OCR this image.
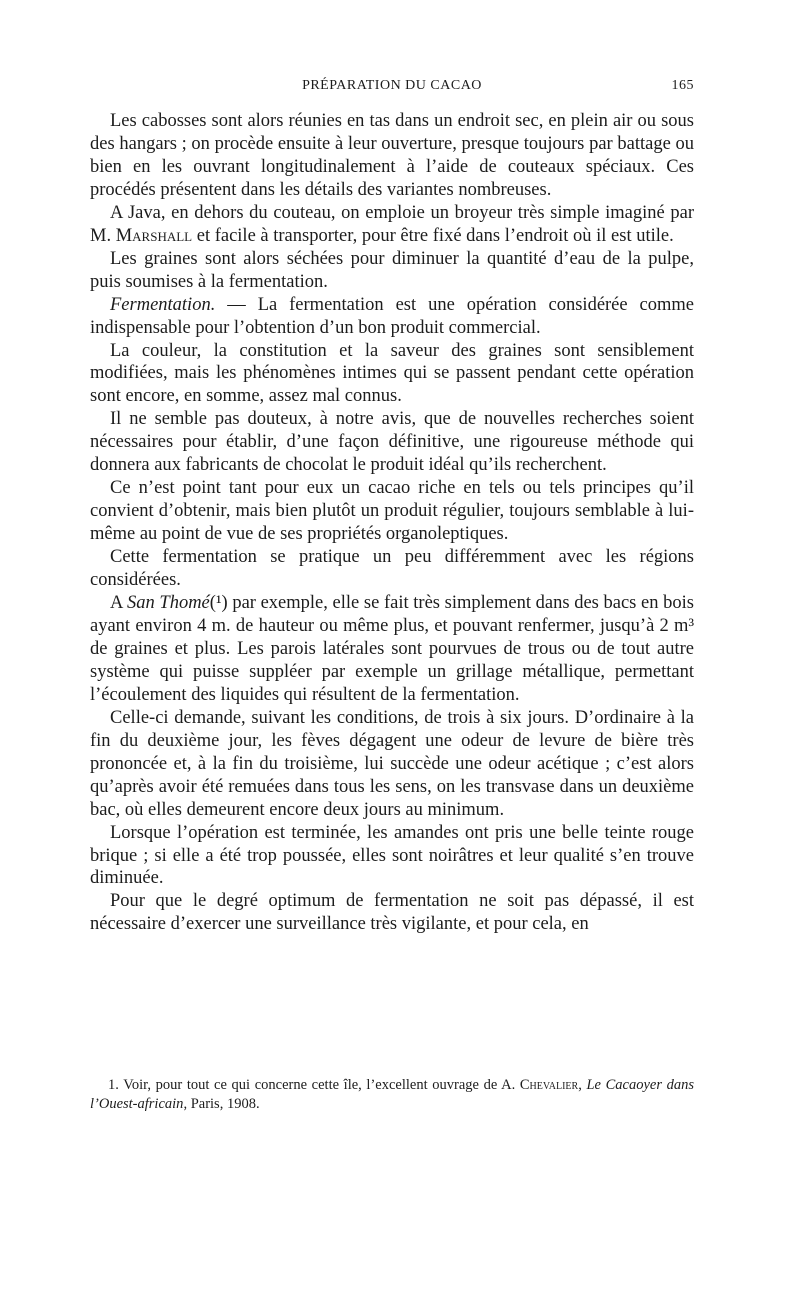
PRÉPARATION DU CACAO	165

Les cabosses sont alors réunies en tas dans un endroit sec, en plein air ou sous des hangars ; on procède ensuite à leur ouverture, presque toujours par battage ou bien en les ouvrant longitudinalement à l’aide de couteaux spéciaux. Ces procédés présentent dans les détails des variantes nombreuses.

A Java, en dehors du couteau, on emploie un broyeur très simple imaginé par M. Marshall et facile à transporter, pour être fixé dans l’endroit où il est utile.

Les graines sont alors séchées pour diminuer la quantité d’eau de la pulpe, puis soumises à la fermentation.

Fermentation. — La fermentation est une opération considérée comme indispensable pour l’obtention d’un bon produit commercial.

La couleur, la constitution et la saveur des graines sont sensiblement modifiées, mais les phénomènes intimes qui se passent pendant cette opération sont encore, en somme, assez mal connus.

Il ne semble pas douteux, à notre avis, que de nouvelles recherches soient nécessaires pour établir, d’une façon définitive, une rigoureuse méthode qui donnera aux fabricants de chocolat le produit idéal qu’ils recherchent.

Ce n’est point tant pour eux un cacao riche en tels ou tels principes qu’il convient d’obtenir, mais bien plutôt un produit régulier, toujours semblable à lui-même au point de vue de ses propriétés organoleptiques.

Cette fermentation se pratique un peu différemment avec les régions considérées.

A San Thomé(¹) par exemple, elle se fait très simplement dans des bacs en bois ayant environ 4 m. de hauteur ou même plus, et pouvant renfermer, jusqu’à 2 m³ de graines et plus. Les parois latérales sont pourvues de trous ou de tout autre système qui puisse suppléer par exemple un grillage métallique, permettant l’écoulement des liquides qui résultent de la fermentation.

Celle-ci demande, suivant les conditions, de trois à six jours. D’ordinaire à la fin du deuxième jour, les fèves dégagent une odeur de levure de bière très prononcée et, à la fin du troisième, lui succède une odeur acétique ; c’est alors qu’après avoir été remuées dans tous les sens, on les transvase dans un deuxième bac, où elles demeurent encore deux jours au minimum.

Lorsque l’opération est terminée, les amandes ont pris une belle teinte rouge brique ; si elle a été trop poussée, elles sont noirâtres et leur qualité s’en trouve diminuée.

Pour que le degré optimum de fermentation ne soit pas dépassé, il est nécessaire d’exercer une surveillance très vigilante, et pour cela, en

1. Voir, pour tout ce qui concerne cette île, l’excellent ouvrage de A. Chevalier, Le Cacaoyer dans l’Ouest-africain, Paris, 1908.
